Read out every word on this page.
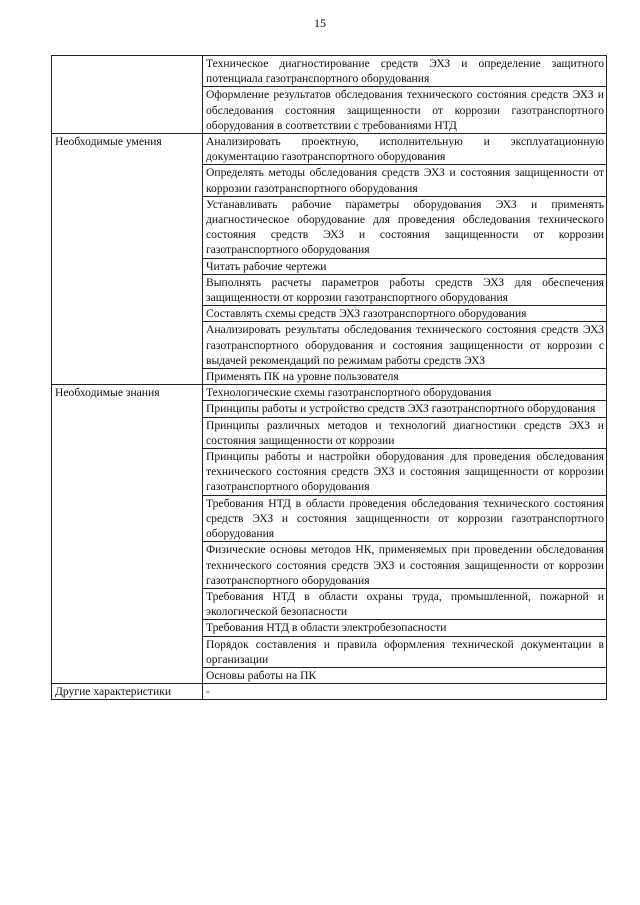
15
	Техническое диагностирование средств ЭХЗ и определение защитного потенциала газотранспортного оборудования
	Оформление результатов обследования технического состояния средств ЭХЗ и обследования состояния защищенности от коррозии газотранспортного оборудования в соответствии с требованиями НТД
Необходимые умения	Анализировать проектную, исполнительную и эксплуатационную документацию газотранспортного оборудования
	Определять методы обследования средств ЭХЗ и состояния защищенности от коррозии газотранспортного оборудования
	Устанавливать рабочие параметры оборудования ЭХЗ и применять диагностическое оборудование для проведения обследования технического состояния средств ЭХЗ и состояния защищенности от коррозии газотранспортного оборудования
	Читать рабочие чертежи
	Выполнять расчеты параметров работы средств ЭХЗ для обеспечения защищенности от коррозии газотранспортного оборудования
	Составлять схемы средств ЭХЗ газотранспортного оборудования
	Анализировать результаты обследования технического состояния средств ЭХЗ газотранспортного оборудования и состояния защищенности от коррозии с выдачей рекомендаций по режимам работы средств ЭХЗ
	Применять ПК на уровне пользователя
Необходимые знания	Технологические схемы газотранспортного оборудования
	Принципы работы и устройство средств ЭХЗ газотранспортного оборудования
	Принципы различных методов и технологий диагностики средств ЭХЗ и состояния защищенности от коррозии
	Принципы работы и настройки оборудования для проведения обследования технического состояния средств ЭХЗ и состояния защищенности от коррозии газотранспортного оборудования
	Требования НТД в области проведения обследования технического состояния средств ЭХЗ и состояния защищенности от коррозии газотранспортного оборудования
	Физические основы методов НК, применяемых при проведении обследования технического состояния средств ЭХЗ и состояния защищенности от коррозии газотранспортного оборудования
	Требования НТД в области охраны труда, промышленной, пожарной и экологической безопасности
	Требования НТД в области электробезопасности
	Порядок составления и правила оформления технической документации в организации
	Основы работы на ПК
Другие характеристики	-
